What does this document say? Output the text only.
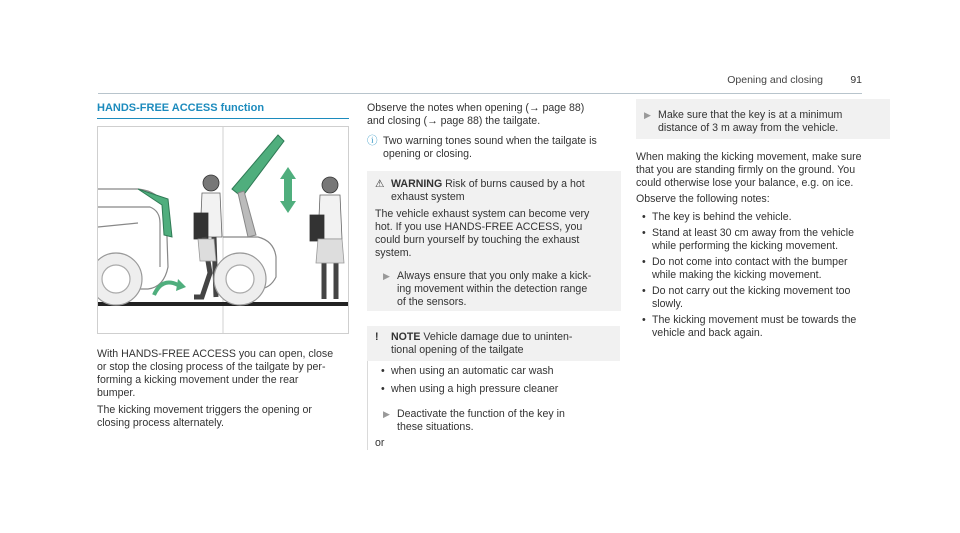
Opening and closing	91
HANDS-FREE ACCESS function

With HANDS-FREE ACCESS you can open, close

or stop the closing process of the tailgate by per-

forming a kicking movement under the rear

bumper.

The kicking movement triggers the opening or

closing process alternately.

Observe the notes when opening (→ page 88)

and closing (→ page 88) the tailgate.

ⓘ Two warning tones sound when the tailgate is

opening or closing.

⚠ WARNING Risk of burns caused by a hot

exhaust system

The vehicle exhaust system can become very

hot. If you use HANDS-FREE ACCESS, you

could burn yourself by touching the exhaust

system.

▶ Always ensure that you only make a kick-

ing movement within the detection range

of the sensors.

! NOTE Vehicle damage due to uninten-

tional opening of the tailgate

• when using an automatic car wash

• when using a high pressure cleaner

▶ Deactivate the function of the key in

these situations.

or

▶ Make sure that the key is at a minimum

distance of 3 m away from the vehicle.

When making the kicking movement, make sure

that you are standing firmly on the ground. You

could otherwise lose your balance, e.g. on ice.

Observe the following notes:

• The key is behind the vehicle.

• Stand at least 30 cm away from the vehicle

while performing the kicking movement.

• Do not come into contact with the bumper

while making the kicking movement.

• Do not carry out the kicking movement too

slowly.

• The kicking movement must be towards the

vehicle and back again.
